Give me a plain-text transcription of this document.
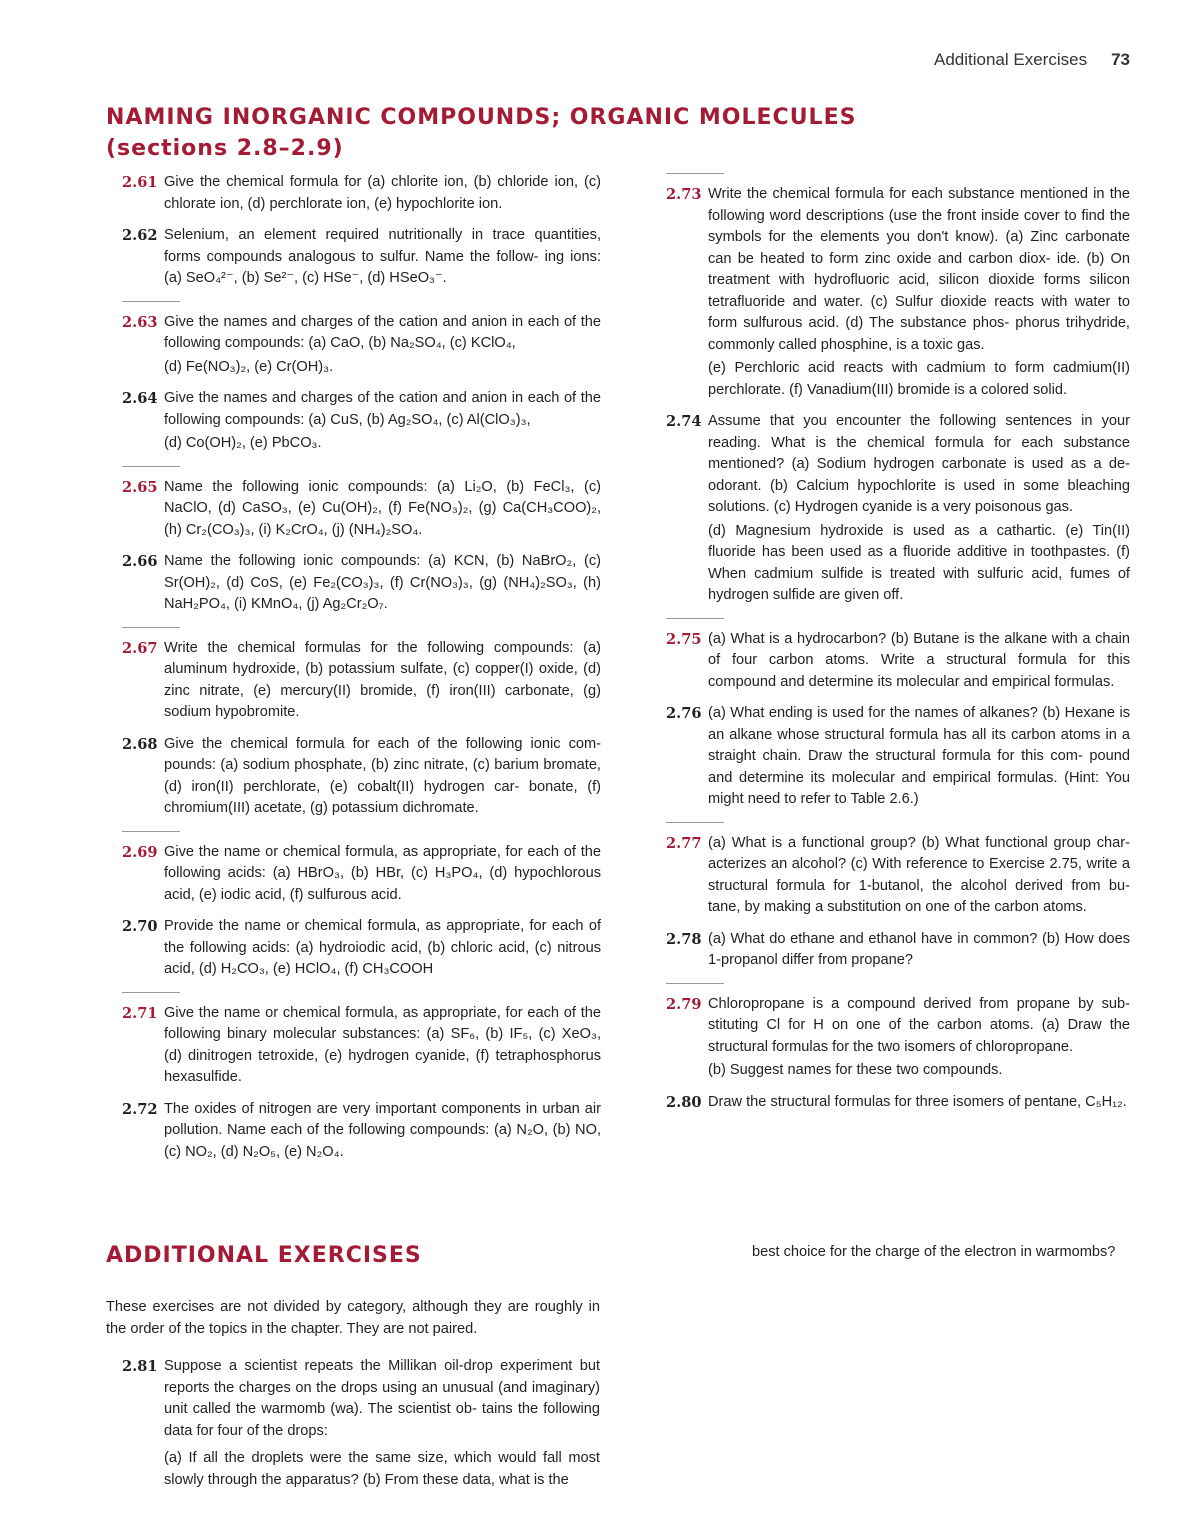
Additional Exercises 73
NAMING INORGANIC COMPOUNDS; ORGANIC MOLECULES
(sections 2.8–2.9)
2.61 Give the chemical formula for (a) chlorite ion, (b) chloride ion, (c) chlorate ion, (d) perchlorate ion, (e) hypochlorite ion.

2.62 Selenium, an element required nutritionally in trace quantities, forms compounds analogous to sulfur. Name the follow- ing ions: (a) SeO₄²⁻, (b) Se²⁻, (c) HSe⁻, (d) HSeO₃⁻.

2.63 Give the names and charges of the cation and anion in each of the following compounds: (a) CaO, (b) Na₂SO₄, (c) KClO₄,

(d) Fe(NO₃)₂, (e) Cr(OH)₃.

2.64 Give the names and charges of the cation and anion in each of the following compounds: (a) CuS, (b) Ag₂SO₄, (c) Al(ClO₃)₃,

(d) Co(OH)₂, (e) PbCO₃.

2.65 Name the following ionic compounds: (a) Li₂O, (b) FeCl₃, (c) NaClO, (d) CaSO₃, (e) Cu(OH)₂, (f) Fe(NO₃)₂, (g) Ca(CH₃COO)₂, (h) Cr₂(CO₃)₃, (i) K₂CrO₄, (j) (NH₄)₂SO₄.

2.66 Name the following ionic compounds: (a) KCN, (b) NaBrO₂, (c) Sr(OH)₂, (d) CoS, (e) Fe₂(CO₃)₃, (f) Cr(NO₃)₃, (g) (NH₄)₂SO₃, (h) NaH₂PO₄, (i) KMnO₄, (j) Ag₂Cr₂O₇.

2.67 Write the chemical formulas for the following compounds: (a) aluminum hydroxide, (b) potassium sulfate, (c) copper(I) oxide, (d) zinc nitrate, (e) mercury(II) bromide, (f) iron(III) carbonate, (g) sodium hypobromite.

2.68 Give the chemical formula for each of the following ionic com- pounds: (a) sodium phosphate, (b) zinc nitrate, (c) barium bromate, (d) iron(II) perchlorate, (e) cobalt(II) hydrogen car- bonate, (f) chromium(III) acetate, (g) potassium dichromate.

2.69 Give the name or chemical formula, as appropriate, for each of the following acids: (a) HBrO₃, (b) HBr, (c) H₃PO₄, (d) hypochlorous acid, (e) iodic acid, (f) sulfurous acid.

2.70 Provide the name or chemical formula, as appropriate, for each of the following acids: (a) hydroiodic acid, (b) chloric acid, (c) nitrous acid, (d) H₂CO₃, (e) HClO₄, (f) CH₃COOH

2.71 Give the name or chemical formula, as appropriate, for each of the following binary molecular substances: (a) SF₆, (b) IF₅, (c) XeO₃, (d) dinitrogen tetroxide, (e) hydrogen cyanide, (f) tetraphosphorus hexasulfide.

2.72 The oxides of nitrogen are very important components in urban air pollution. Name each of the following compounds: (a) N₂O, (b) NO, (c) NO₂, (d) N₂O₅, (e) N₂O₄.

2.73 Write the chemical formula for each substance mentioned in the following word descriptions (use the front inside cover to find the symbols for the elements you don't know). (a) Zinc carbonate can be heated to form zinc oxide and carbon diox- ide. (b) On treatment with hydrofluoric acid, silicon dioxide forms silicon tetrafluoride and water. (c) Sulfur dioxide reacts with water to form sulfurous acid. (d) The substance phos- phorus trihydride, commonly called phosphine, is a toxic gas.

(e) Perchloric acid reacts with cadmium to form cadmium(II) perchlorate. (f) Vanadium(III) bromide is a colored solid.

2.74 Assume that you encounter the following sentences in your reading. What is the chemical formula for each substance mentioned? (a) Sodium hydrogen carbonate is used as a de- odorant. (b) Calcium hypochlorite is used in some bleaching solutions. (c) Hydrogen cyanide is a very poisonous gas.

(d) Magnesium hydroxide is used as a cathartic. (e) Tin(II) fluoride has been used as a fluoride additive in toothpastes. (f) When cadmium sulfide is treated with sulfuric acid, fumes of hydrogen sulfide are given off.

2.75 (a) What is a hydrocarbon? (b) Butane is the alkane with a chain of four carbon atoms. Write a structural formula for this compound and determine its molecular and empirical formulas.

2.76 (a) What ending is used for the names of alkanes? (b) Hexane is an alkane whose structural formula has all its carbon atoms in a straight chain. Draw the structural formula for this com- pound and determine its molecular and empirical formulas. (Hint: You might need to refer to Table 2.6.)

2.77 (a) What is a functional group? (b) What functional group char- acterizes an alcohol? (c) With reference to Exercise 2.75, write a structural formula for 1-butanol, the alcohol derived from bu- tane, by making a substitution on one of the carbon atoms.

2.78 (a) What do ethane and ethanol have in common? (b) How does 1-propanol differ from propane?

2.79 Chloropropane is a compound derived from propane by sub- stituting Cl for H on one of the carbon atoms. (a) Draw the structural formulas for the two isomers of chloropropane.

(b) Suggest names for these two compounds.

2.80 Draw the structural formulas for three isomers of pentane, C₅H₁₂.

ADDITIONAL EXERCISES

These exercises are not divided by category, although they are roughly in the order of the topics in the chapter. They are not paired.

2.81 Suppose a scientist repeats the Millikan oil-drop experiment but reports the charges on the drops using an unusual (and imaginary) unit called the warmomb (wa). The scientist ob- tains the following data for four of the drops:

(a) If all the droplets were the same size, which would fall most slowly through the apparatus? (b) From these data, what is the

best choice for the charge of the electron in warmombs?
